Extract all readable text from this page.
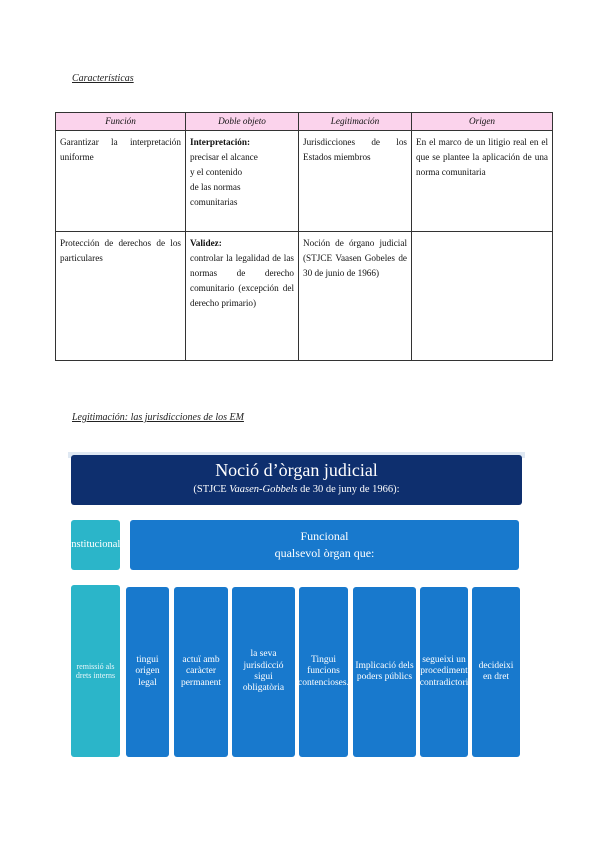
Características
Función	Doble objeto	Legitimación	Origen
Garantizar la interpretación uniforme	Interpretación:
precisar el alcance
y el contenido
de las normas
comunitarias	Jurisdicciones de los Estados miembros	En el marco de un litigio real en el que se plantee la aplicación de una norma comunitaria
Protección de derechos de los particulares	Validez:
controlar la legalidad de las normas de derecho comunitario (excepción del derecho primario)	Noción de órgano judicial (STJCE Vaasen Gobeles de 30 de junio de 1966)	
Legitimación: las jurisdicciones de los EM
Noció d’òrgan judicial
(STJCE Vaasen-Gobbels de 30 de juny de 1966):
Institucional:
Funcional
qualsevol òrgan que:
remissió als drets interns
tingui origen legal
actuï amb caràcter permanent
la seva jurisdicció sigui obligatòria
Tingui funcions contencioses.
Implicació dels poders públics
segueixi un procediment contradictori
decideixi en dret
